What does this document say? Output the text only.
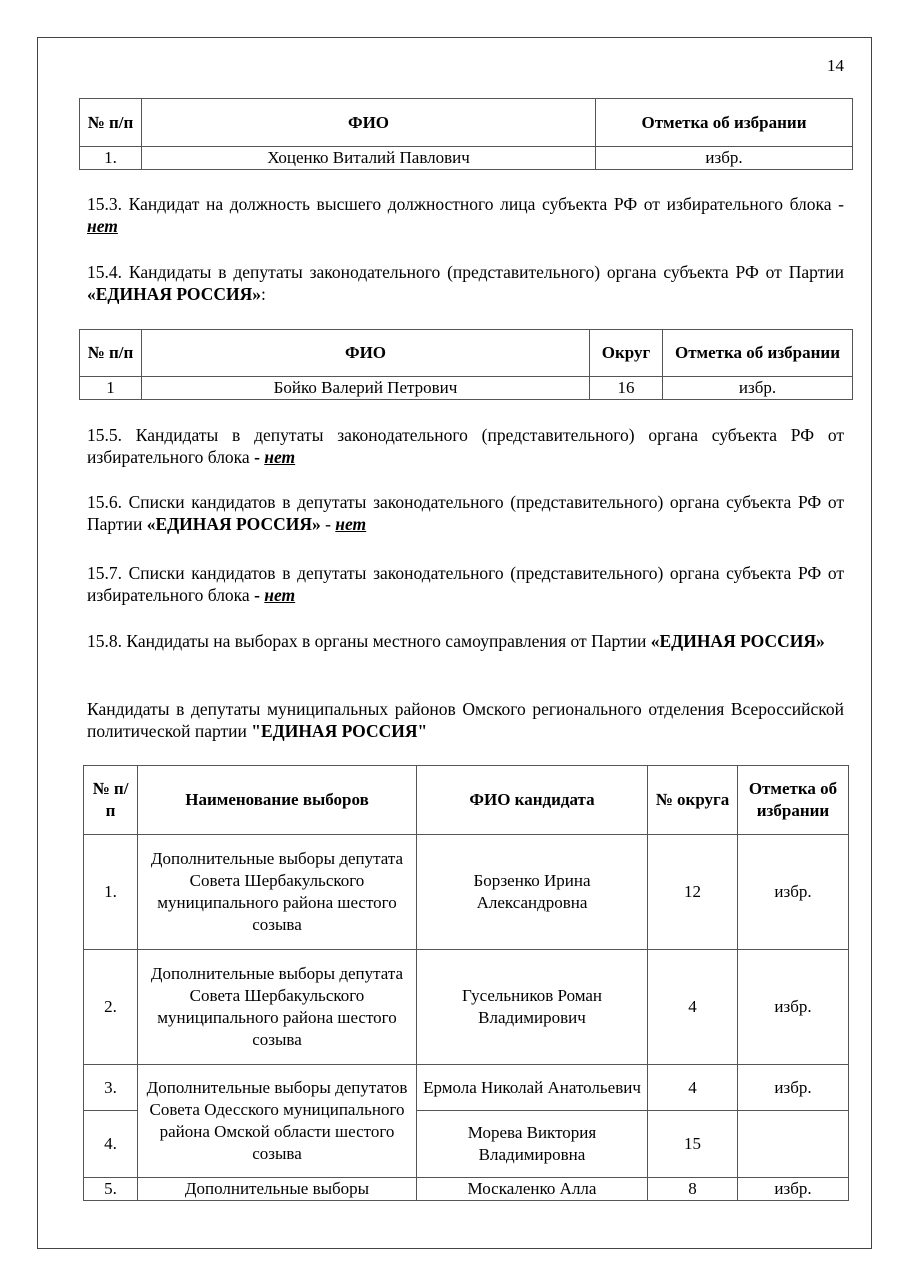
14
№ п/п	ФИО	Отметка об избрании
1.	Хоценко Виталий Павлович	избр.
15.3. Кандидат на должность высшего должностного лица субъекта РФ от избирательного блока - нет
15.4. Кандидаты в депутаты законодательного (представительного) органа субъекта РФ от Партии «ЕДИНАЯ РОССИЯ»:
№ п/п	ФИО	Округ	Отметка об избрании
1	Бойко Валерий Петрович	16	избр.
15.5. Кандидаты в депутаты законодательного (представительного) органа субъекта РФ от избирательного блока - нет
15.6. Списки кандидатов в депутаты законодательного (представительного) органа субъекта РФ от Партии «ЕДИНАЯ РОССИЯ» - нет
15.7. Списки кандидатов в депутаты законодательного (представительного) органа субъекта РФ от избирательного блока - нет
15.8. Кандидаты на выборах в органы местного самоуправления от Партии «ЕДИНАЯ РОССИЯ»
Кандидаты в депутаты муниципальных районов Омского регионального отделения Всероссийской политической партии "ЕДИНАЯ РОССИЯ"
№ п/п	Наименование выборов	ФИО кандидата	№ округа	Отметка об избрании
1.	Дополнительные выборы депутата Совета Шербакульского муниципального района шестого созыва	Борзенко Ирина Александровна	12	избр.
2.	Дополнительные выборы депутата Совета Шербакульского муниципального района шестого созыва	Гусельников Роман Владимирович	4	избр.
3.	Дополнительные выборы депутатов Совета Одесского муниципального района Омской области шестого созыва	Ермола Николай Анатольевич	4	избр.
4.		Морева Виктория Владимировна	15	
5.	Дополнительные выборы	Москаленко Алла	8	избр.
